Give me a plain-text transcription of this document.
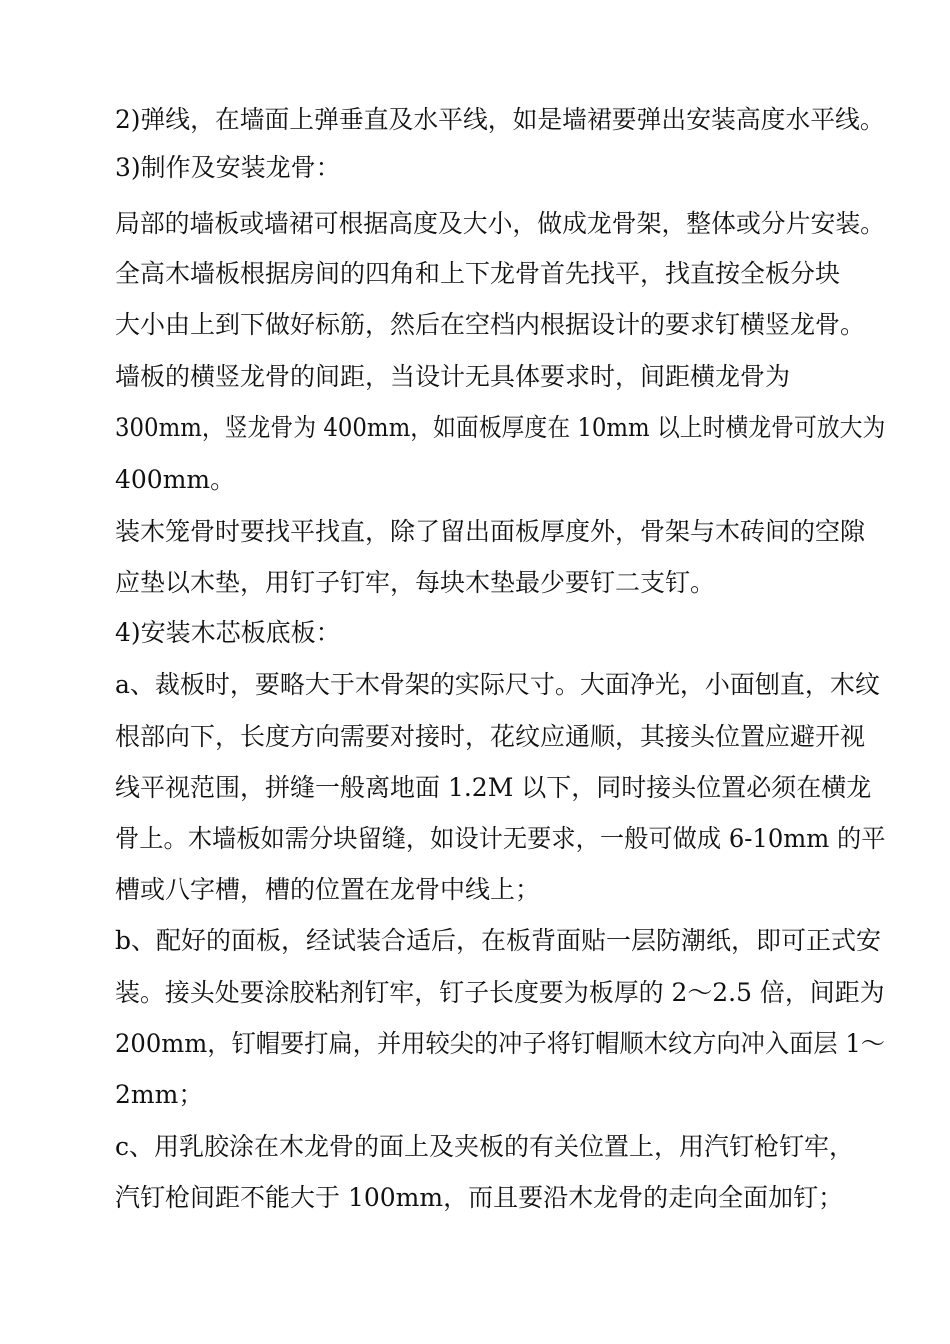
2)弹线，在墙面上弹垂直及水平线，如是墙裙要弹出安装高度水平线。
3)制作及安装龙骨：
局部的墙板或墙裙可根据高度及大小，做成龙骨架，整体或分片安装。
全高木墙板根据房间的四角和上下龙骨首先找平，找直按全板分块
大小由上到下做好标筋，然后在空档内根据设计的要求钉横竖龙骨。
墙板的横竖龙骨的间距，当设计无具体要求时，间距横龙骨为
300mm，竖龙骨为 400mm，如面板厚度在 10mm 以上时横龙骨可放大为
400mm。
装木笼骨时要找平找直，除了留出面板厚度外，骨架与木砖间的空隙
应垫以木垫，用钉子钉牢，每块木垫最少要钉二支钉。
4)安装木芯板底板：
a、裁板时，要略大于木骨架的实际尺寸。大面净光，小面刨直，木纹
根部向下，长度方向需要对接时，花纹应通顺，其接头位置应避开视
线平视范围，拼缝一般离地面 1.2M 以下，同时接头位置必须在横龙
骨上。木墙板如需分块留缝，如设计无要求，一般可做成 6-10mm 的平
槽或八字槽，槽的位置在龙骨中线上；
b、配好的面板，经试装合适后，在板背面贴一层防潮纸，即可正式安
装。接头处要涂胶粘剂钉牢，钉子长度要为板厚的 2～2.5 倍，间距为
200mm，钉帽要打扁，并用较尖的冲子将钉帽顺木纹方向冲入面层 1～
2mm；
c、用乳胶涂在木龙骨的面上及夹板的有关位置上，用汽钉枪钉牢，
汽钉枪间距不能大于 100mm，而且要沿木龙骨的走向全面加钉；
